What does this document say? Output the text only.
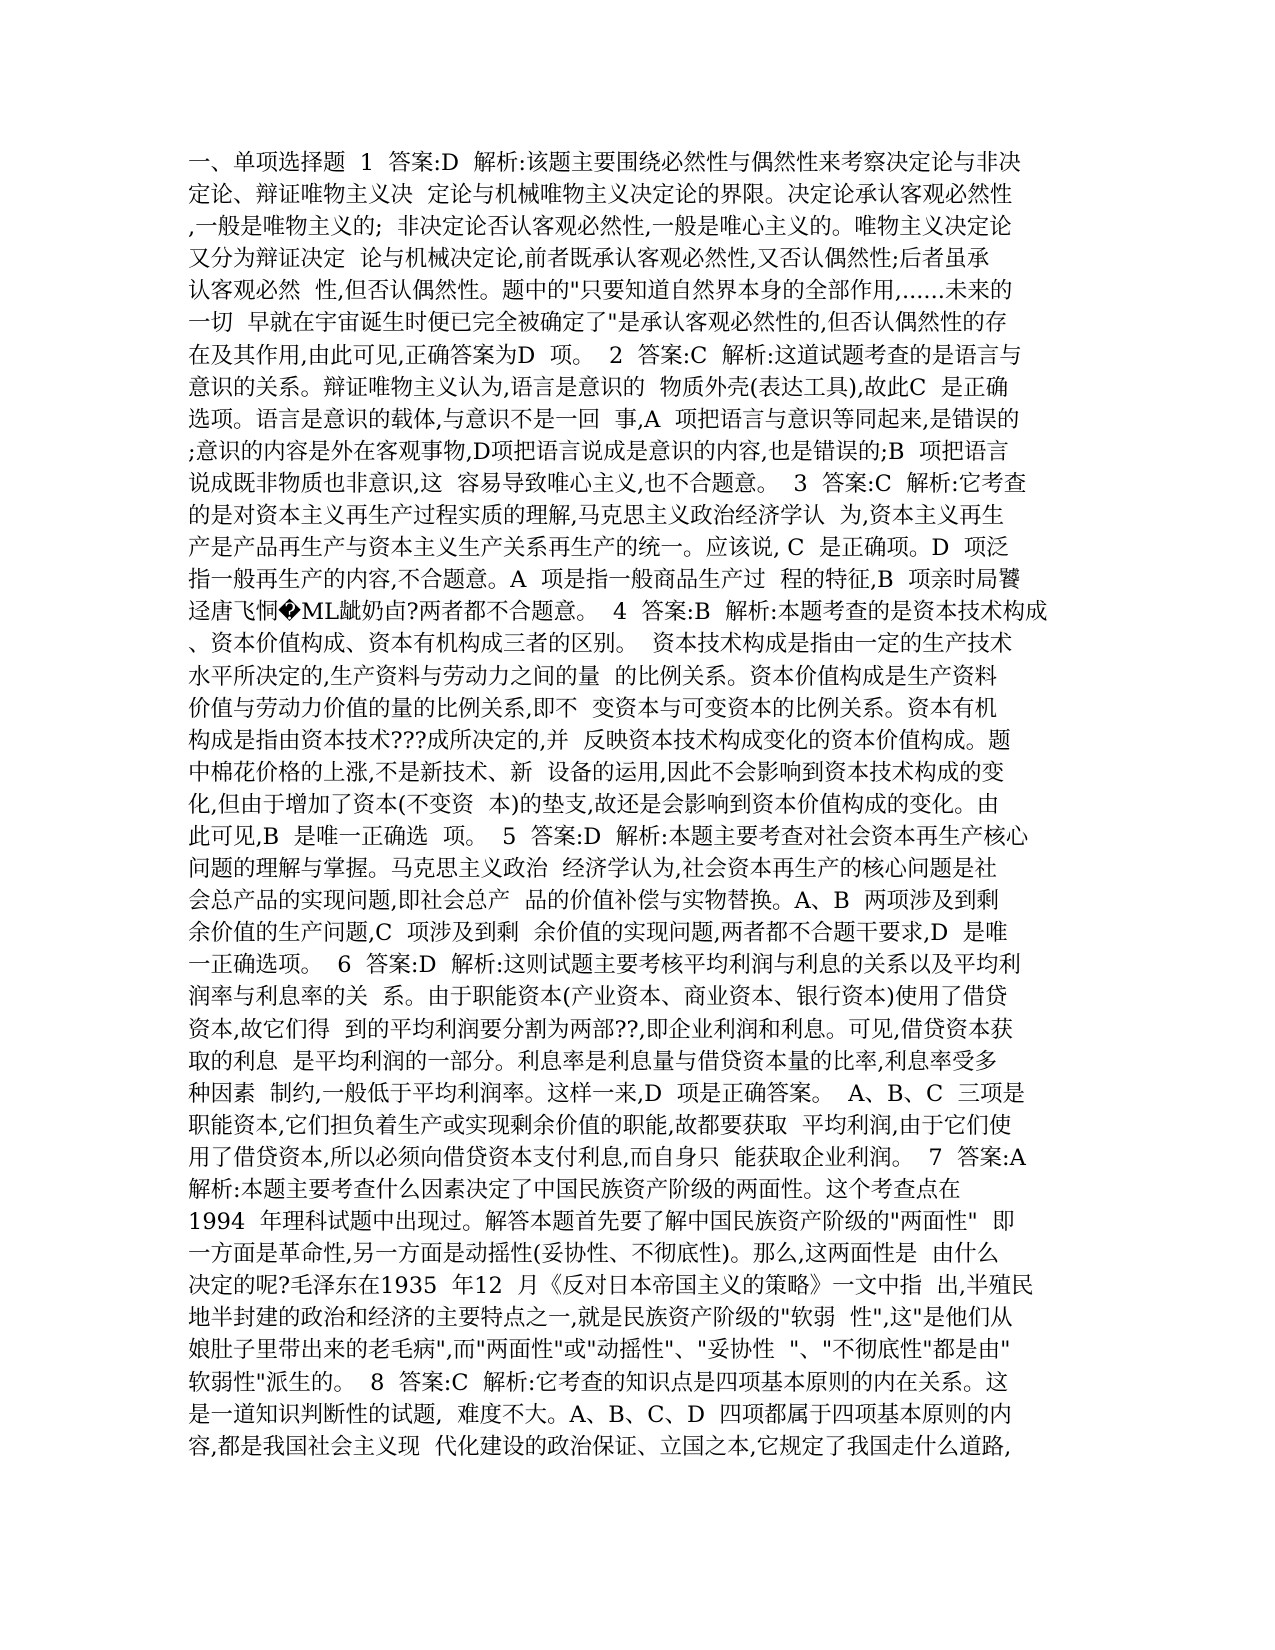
一、单项选择题  1  答案:D  解析:该题主要围绕必然性与偶然性来考察决定论与非决
定论、辩证唯物主义决  定论与机械唯物主义决定论的界限。决定论承认客观必然性
,一般是唯物主义的;  非决定论否认客观必然性,一般是唯心主义的。唯物主义决定论
又分为辩证决定  论与机械决定论,前者既承认客观必然性,又否认偶然性;后者虽承
认客观必然  性,但否认偶然性。题中的"只要知道自然界本身的全部作用,......未来的
一切  早就在宇宙诞生时便已完全被确定了"是承认客观必然性的,但否认偶然性的存
在及其作用,由此可见,正确答案为D  项。  2  答案:C  解析:这道试题考查的是语言与
意识的关系。辩证唯物主义认为,语言是意识的  物质外壳(表达工具),故此C  是正确
选项。语言是意识的载体,与意识不是一回  事,A  项把语言与意识等同起来,是错误的
;意识的内容是外在客观事物,D项把语言说成是意识的内容,也是错误的;B  项把语言
说成既非物质也非意识,这  容易导致唯心主义,也不合题意。  3  答案:C  解析:它考查
的是对资本主义再生产过程实质的理解,马克思主义政治经济学认  为,资本主义再生
产是产品再生产与资本主义生产关系再生产的统一。应该说, C  是正确项。D  项泛
指一般再生产的内容,不合题意。A  项是指一般商品生产过  程的特征,B  项亲时局饕
迳唐飞恫�ML龇奶卣?两者都不合题意。  4  答案:B  解析:本题考查的是资本技术构成
、资本价值构成、资本有机构成三者的区别。  资本技术构成是指由一定的生产技术
水平所决定的,生产资料与劳动力之间的量  的比例关系。资本价值构成是生产资料
价值与劳动力价值的量的比例关系,即不  变资本与可变资本的比例关系。资本有机
构成是指由资本技术???成所决定的,并  反映资本技术构成变化的资本价值构成。题
中棉花价格的上涨,不是新技术、新  设备的运用,因此不会影响到资本技术构成的变
化,但由于增加了资本(不变资  本)的垫支,故还是会影响到资本价值构成的变化。由
此可见,B  是唯一正确选  项。  5  答案:D  解析:本题主要考查对社会资本再生产核心
问题的理解与掌握。马克思主义政治  经济学认为,社会资本再生产的核心问题是社
会总产品的实现问题,即社会总产  品的价值补偿与实物替换。A、B  两项涉及到剩
余价值的生产问题,C  项涉及到剩  余价值的实现问题,两者都不合题干要求,D  是唯
一正确选项。  6  答案:D  解析:这则试题主要考核平均利润与利息的关系以及平均利
润率与利息率的关  系。由于职能资本(产业资本、商业资本、银行资本)使用了借贷
资本,故它们得  到的平均利润要分割为两部??,即企业利润和利息。可见,借贷资本获
取的利息  是平均利润的一部分。利息率是利息量与借贷资本量的比率,利息率受多
种因素  制约,一般低于平均利润率。这样一来,D  项是正确答案。  A、B、C  三项是
职能资本,它们担负着生产或实现剩余价值的职能,故都要获取  平均利润,由于它们使
用了借贷资本,所以必须向借贷资本支付利息,而自身只  能获取企业利润。  7  答案:A
解析:本题主要考查什么因素决定了中国民族资产阶级的两面性。这个考查点在
1994  年理科试题中出现过。解答本题首先要了解中国民族资产阶级的"两面性"  即
一方面是革命性,另一方面是动摇性(妥协性、不彻底性)。那么,这两面性是  由什么
决定的呢?毛泽东在1935  年12  月《反对日本帝国主义的策略》一文中指  出,半殖民
地半封建的政治和经济的主要特点之一,就是民族资产阶级的"软弱  性",这"是他们从
娘肚子里带出来的老毛病",而"两面性"或"动摇性"、"妥协性  "、"不彻底性"都是由"
软弱性"派生的。  8  答案:C  解析:它考查的知识点是四项基本原则的内在关系。这
是一道知识判断性的试题,  难度不大。A、B、C、D  四项都属于四项基本原则的内
容,都是我国社会主义现  代化建设的政治保证、立国之本,它规定了我国走什么道路,
